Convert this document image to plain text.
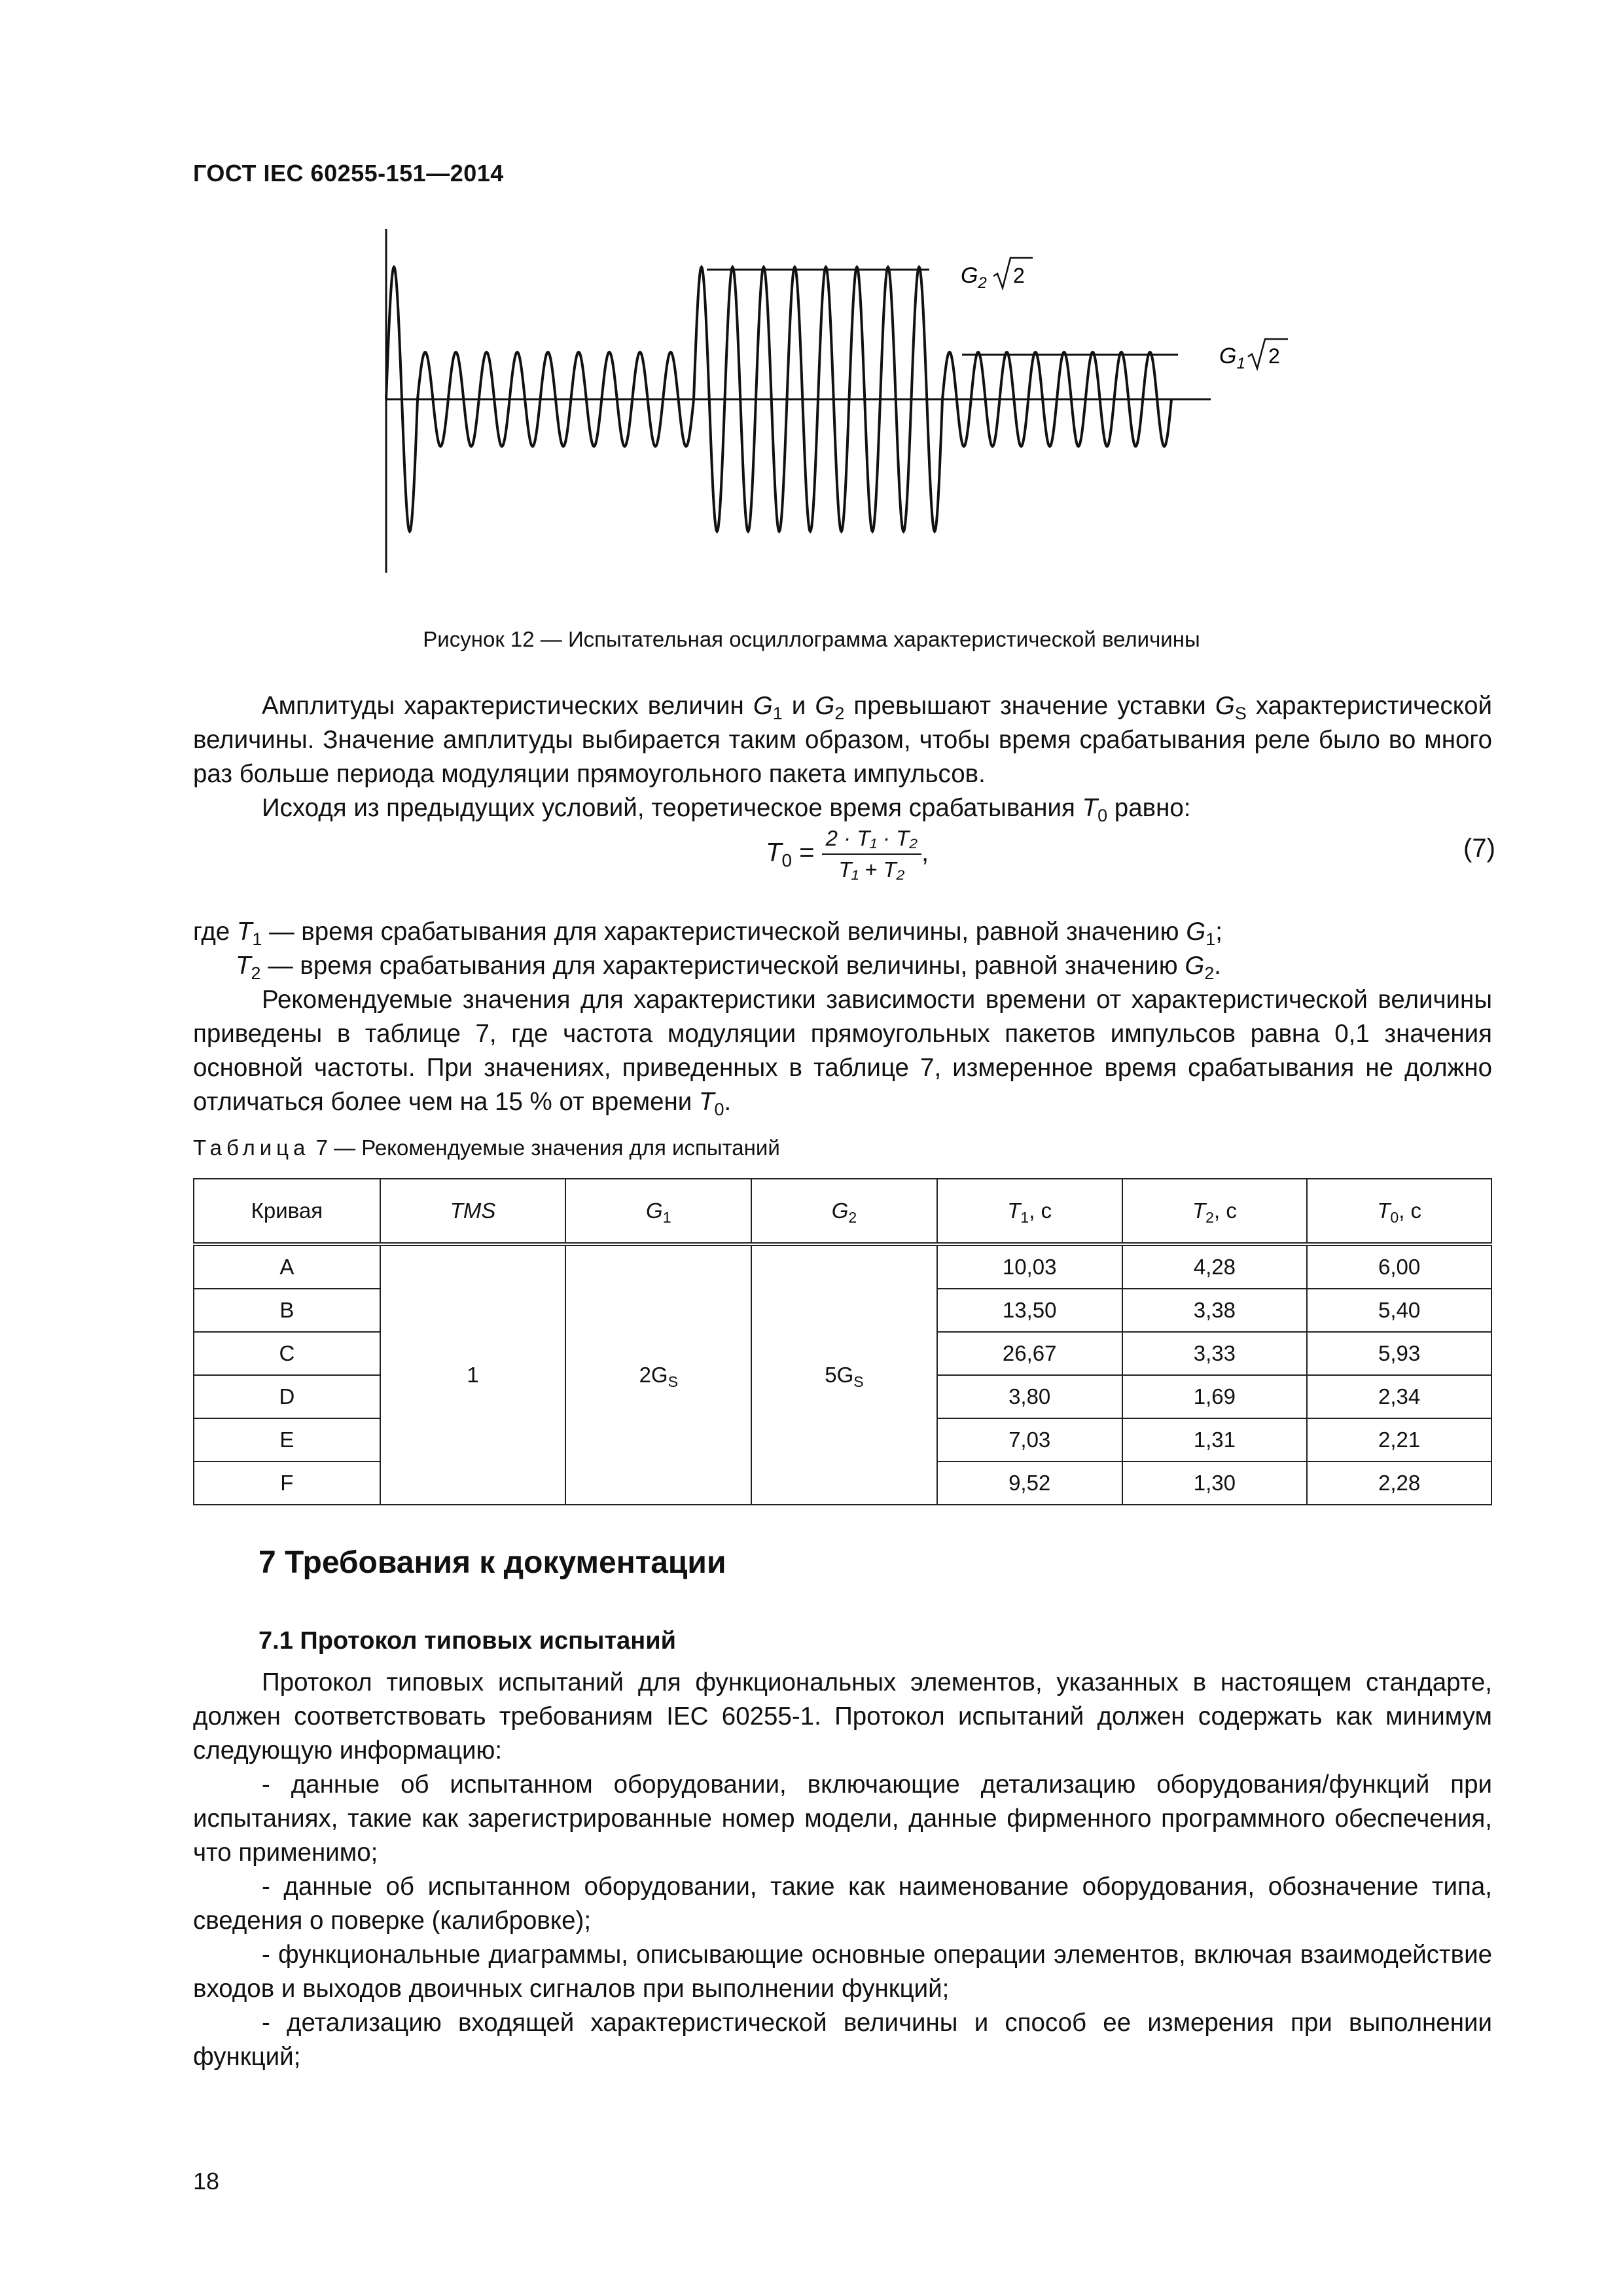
ГОСТ IEC 60255-151—2014
$G_2$ 2
$G_1$ 2
Рисунок 12 — Испытательная осциллограмма характеристической величины
Амплитуды характеристических величин $G_1$ и $G_2$ превышают значение уставки $G_S$ характеристической величины. Значение амплитуды выбирается таким образом, чтобы время срабатывания реле было во много раз больше периода модуляции прямоугольного пакета импульсов.
Исходя из предыдущих условий, теоретическое время срабатывания $T_0$ равно:
$T_0 = \frac{\text{2 · T₁ · T₂}}{\text{T₁ + T₂}}$ ,	(7)
где $T_1$ — время срабатывания для характеристической величины, равной значению $G_1$;
$T_2$ — время срабатывания для характеристической величины, равной значению $G_2$.
Рекомендуемые значения для характеристики зависимости времени от характеристической величины приведены в таблице 7, где частота модуляции прямоугольных пакетов импульсов равна 0,1 значения основной частоты. При значениях, приведенных в таблице 7, измеренное время срабатывания не должно отличаться более чем на 15 % от времени $T_0$.
Таблица 7 — Рекомендуемые значения для испытаний
Кривая	TMS	$G_1$	$G_2$	$T_1$, с	$T_2$, с	$T_0$, с
A	1	$2G_S$	$5G_S$	10,03	4,28	6,00
B				13,50	3,38	5,40
C				26,67	3,33	5,93
D				3,80	1,69	2,34
E				7,03	1,31	2,21
F				9,52	1,30	2,28
7 Требования к документации
7.1 Протокол типовых испытаний
Протокол типовых испытаний для функциональных элементов, указанных в настоящем стандарте, должен соответствовать требованиям IEC 60255-1. Протокол испытаний должен содержать как минимум следующую информацию:
- данные об испытанном оборудовании, включающие детализацию оборудования/функций при испытаниях, такие как зарегистрированные номер модели, данные фирменного программного обеспечения, что применимо;
- данные об испытанном оборудовании, такие как наименование оборудования, обозначение типа, сведения о поверке (калибровке);
- функциональные диаграммы, описывающие основные операции элементов, включая взаимодействие входов и выходов двоичных сигналов при выполнении функций;
- детализацию входящей характеристической величины и способ ее измерения при выполнении функций;
18
